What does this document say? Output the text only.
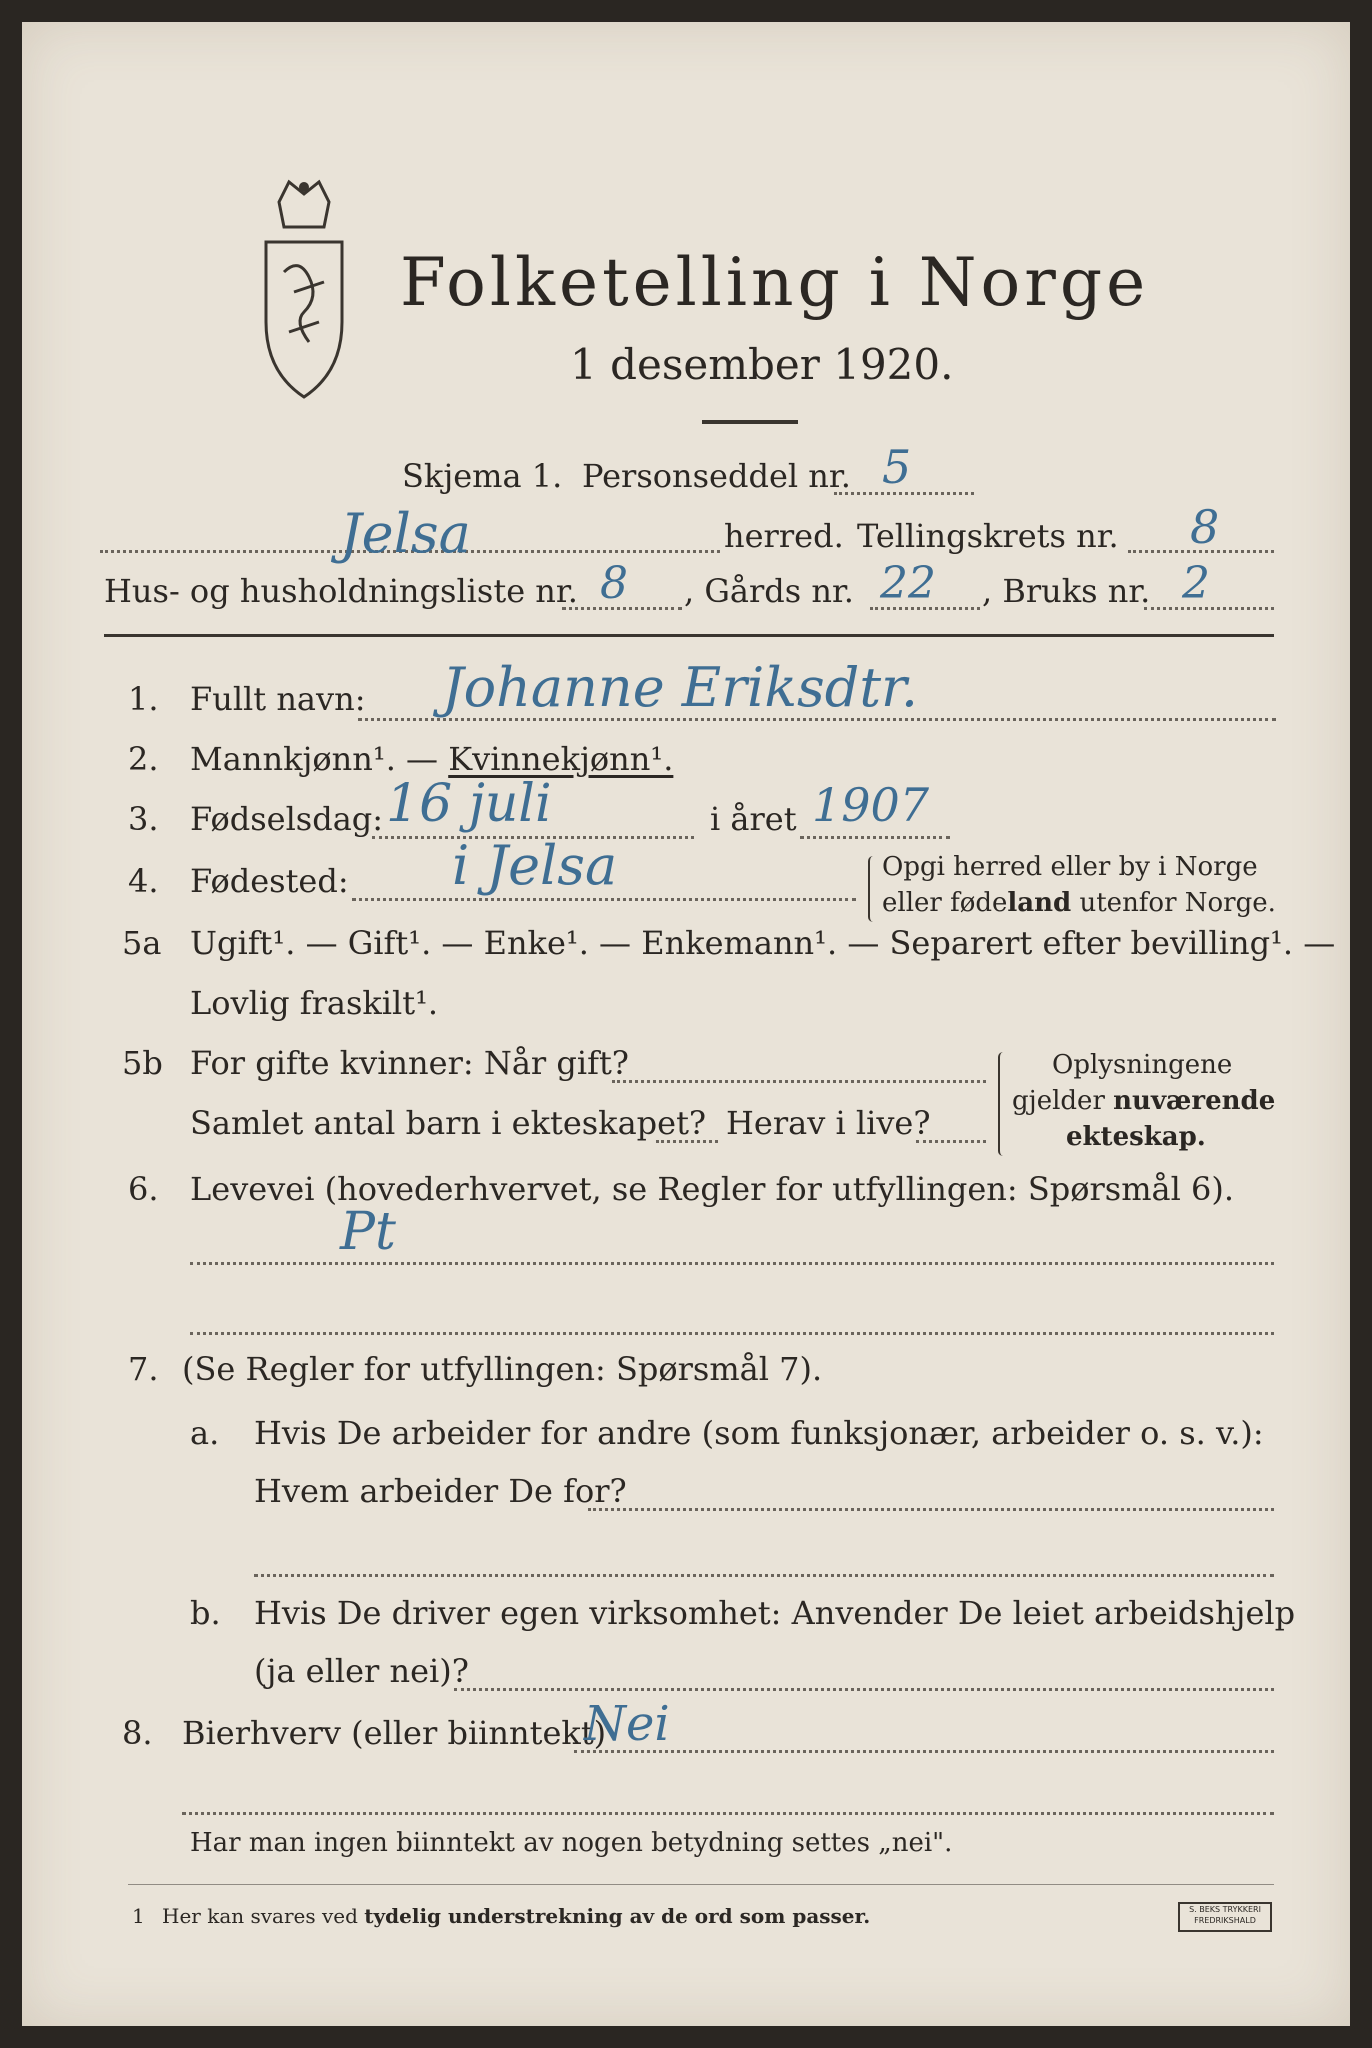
Folketelling i Norge
1 desember 1920.
Skjema 1. Personseddel nr. 5
Jelsa	herred. Tellingskrets nr. 8
Hus- og husholdningsliste nr. 8 , Gårds nr. 22 , Bruks nr. 2
1. Fullt navn: Johanne Eriksdtr.
2. Mannkjønn¹. — Kvinnekjønn¹.
3. Fødselsdag: 16 juli	i året 1907
4. Fødested: i Jelsa	Opgi herred eller by i Norge
eller fødeland utenfor Norge.
5a Ugift¹. — Gift¹. — Enke¹. — Enkemann¹. — Separert efter bevilling¹. —
Lovlig fraskilt¹.
5b For gifte kvinner: Når gift?
Samlet antal barn i ekteskapet? Herav i live?
Oplysningene
gjelder nuværende
ekteskap.
6. Levevei (hovederhvervet, se Regler for utfyllingen: Spørsmål 6).
Pt
7. (Se Regler for utfyllingen: Spørsmål 7).
a. Hvis De arbeider for andre (som funksjonær, arbeider o. s. v.):
Hvem arbeider De for?
b. Hvis De driver egen virksomhet: Anvender De leiet arbeidshjelp
(ja eller nei)?
8. Bierhverv (eller biinntekt)
Nei
Har man ingen biinntekt av nogen betydning settes „nei".
1 Her kan svares ved tydelig understrekning av de ord som passer.	S. BEKS TRYKKERI
FREDRIKSHALD
